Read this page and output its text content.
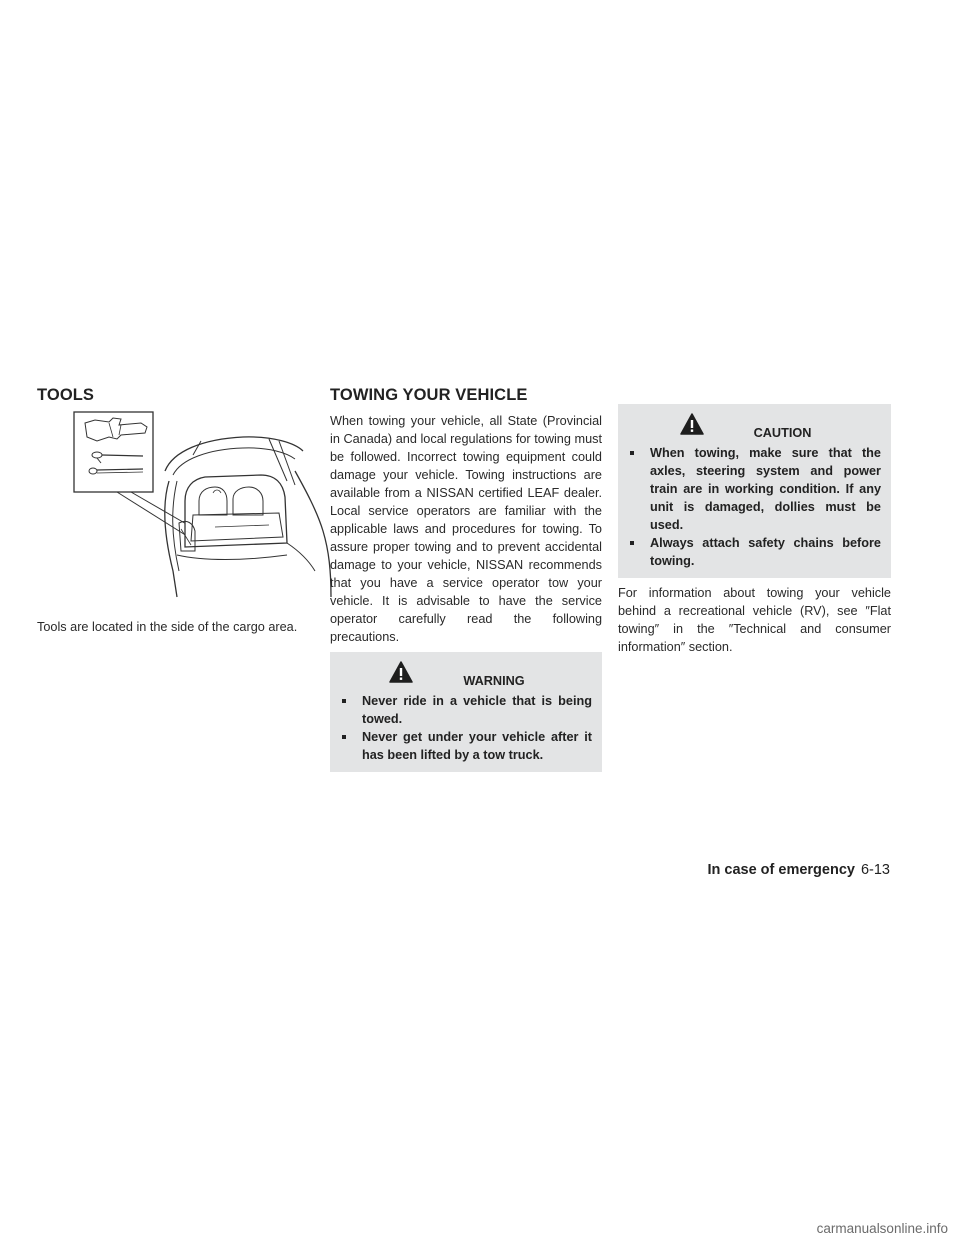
TOOLS
Tools are located in the side of the cargo area.
TOWING YOUR VEHICLE

When towing your vehicle, all State (Provincial in Canada) and local regulations for towing must be followed. Incorrect towing equipment could damage your vehicle. Towing instructions are available from a NISSAN certified LEAF dealer. Local service operators are familiar with the applicable laws and procedures for towing. To assure proper towing and to prevent accidental damage to your vehicle, NISSAN recommends that you have a service operator tow your vehicle. It is advisable to have the service operator carefully read the following precautions.

WARNING
Never ride in a vehicle that is being towed.
Never get under your vehicle after it has been lifted by a tow truck.
CAUTION
When towing, make sure that the axles, steering system and power train are in working condition. If any unit is damaged, dollies must be used.
Always attach safety chains before towing.

For information about towing your vehicle behind a recreational vehicle (RV), see ″Flat towing″ in the ″Technical and consumer information″ section.

In case of emergency 6-13
carmanualsonline.info
